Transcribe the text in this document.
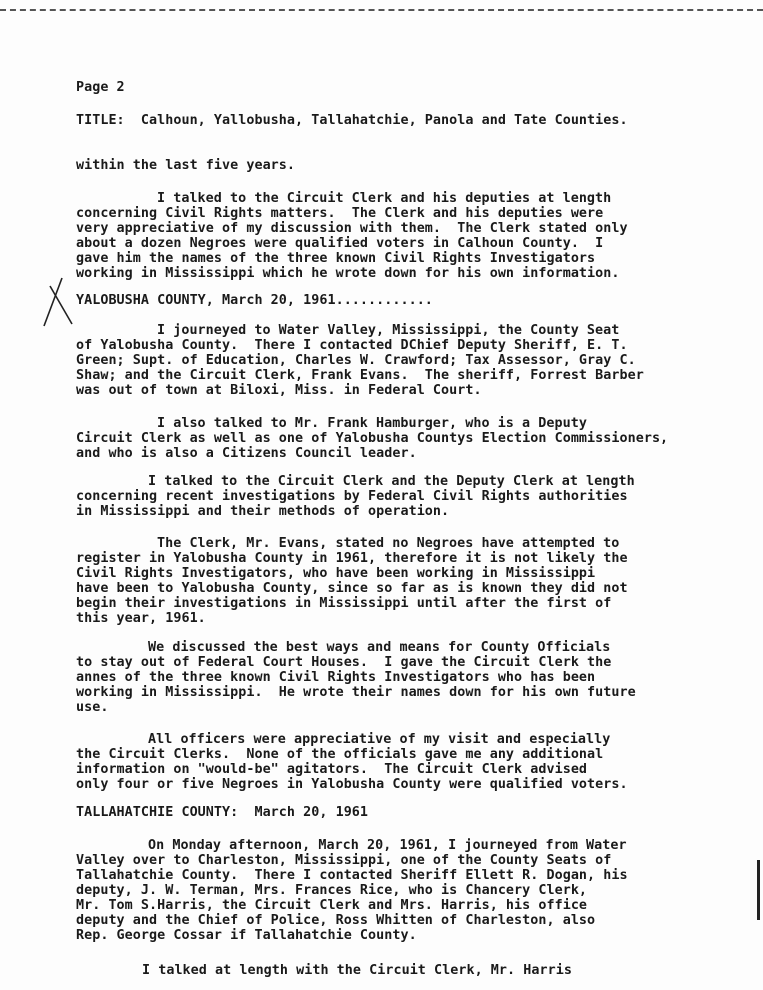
Page 2
TITLE:  Calhoun, Yallobusha, Tallahatchie, Panola and Tate Counties.
within the last five years.
I talked to the Circuit Clerk and his deputies at length
concerning Civil Rights matters.  The Clerk and his deputies were
very appreciative of my discussion with them.  The Clerk stated only
about a dozen Negroes were qualified voters in Calhoun County.  I
gave him the names of the three known Civil Rights Investigators
working in Mississippi which he wrote down for his own information.
YALOBUSHA COUNTY, March 20, 1961............
I journeyed to Water Valley, Mississippi, the County Seat
of Yalobusha County.  There I contacted DChief Deputy Sheriff, E. T.
Green; Supt. of Education, Charles W. Crawford; Tax Assessor, Gray C.
Shaw; and the Circuit Clerk, Frank Evans.  The sheriff, Forrest Barber
was out of town at Biloxi, Miss. in Federal Court.
I also talked to Mr. Frank Hamburger, who is a Deputy
Circuit Clerk as well as one of Yalobusha Countys Election Commissioners,
and who is also a Citizens Council leader.
I talked to the Circuit Clerk and the Deputy Clerk at length
concerning recent investigations by Federal Civil Rights authorities
in Mississippi and their methods of operation.
The Clerk, Mr. Evans, stated no Negroes have attempted to
register in Yalobusha County in 1961, therefore it is not likely the
Civil Rights Investigators, who have been working in Mississippi
have been to Yalobusha County, since so far as is known they did not
begin their investigations in Mississippi until after the first of
this year, 1961.
We discussed the best ways and means for County Officials
to stay out of Federal Court Houses.  I gave the Circuit Clerk the
annes of the three known Civil Rights Investigators who has been
working in Mississippi.  He wrote their names down for his own future
use.
All officers were appreciative of my visit and especially
the Circuit Clerks.  None of the officials gave me any additional
information on "would-be" agitators.  The Circuit Clerk advised
only four or five Negroes in Yalobusha County were qualified voters.
TALLAHATCHIE COUNTY:  March 20, 1961
On Monday afternoon, March 20, 1961, I journeyed from Water
Valley over to Charleston, Mississippi, one of the County Seats of
Tallahatchie County.  There I contacted Sheriff Ellett R. Dogan, his
deputy, J. W. Terman, Mrs. Frances Rice, who is Chancery Clerk,
Mr. Tom S.Harris, the Circuit Clerk and Mrs. Harris, his office
deputy and the Chief of Police, Ross Whitten of Charleston, also
Rep. George Cossar if Tallahatchie County.
I talked at length with the Circuit Clerk, Mr. Harris
